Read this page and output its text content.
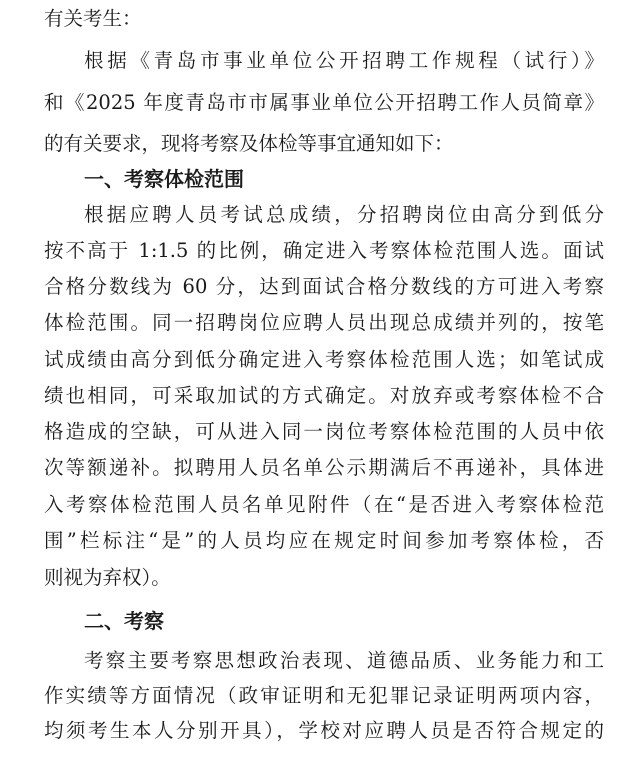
有关考生：
根据《青岛市事业单位公开招聘工作规程（试行）》
和《2025 年度青岛市市属事业单位公开招聘工作人员简章》
的有关要求，现将考察及体检等事宜通知如下：
一、考察体检范围
根据应聘人员考试总成绩，分招聘岗位由高分到低分
按不高于 1:1.5 的比例，确定进入考察体检范围人选。面试
合格分数线为 60 分，达到面试合格分数线的方可进入考察
体检范围。同一招聘岗位应聘人员出现总成绩并列的，按笔
试成绩由高分到低分确定进入考察体检范围人选；如笔试成
绩也相同，可采取加试的方式确定。对放弃或考察体检不合
格造成的空缺，可从进入同一岗位考察体检范围的人员中依
次等额递补。拟聘用人员名单公示期满后不再递补，具体进
入考察体检范围人员名单见附件（在“是否进入考察体检范
围”栏标注“是”的人员均应在规定时间参加考察体检，否
则视为弃权）。
二、考察
考察主要考察思想政治表现、道德品质、业务能力和工
作实绩等方面情况（政审证明和无犯罪记录证明两项内容，
均须考生本人分别开具），学校对应聘人员是否符合规定的
